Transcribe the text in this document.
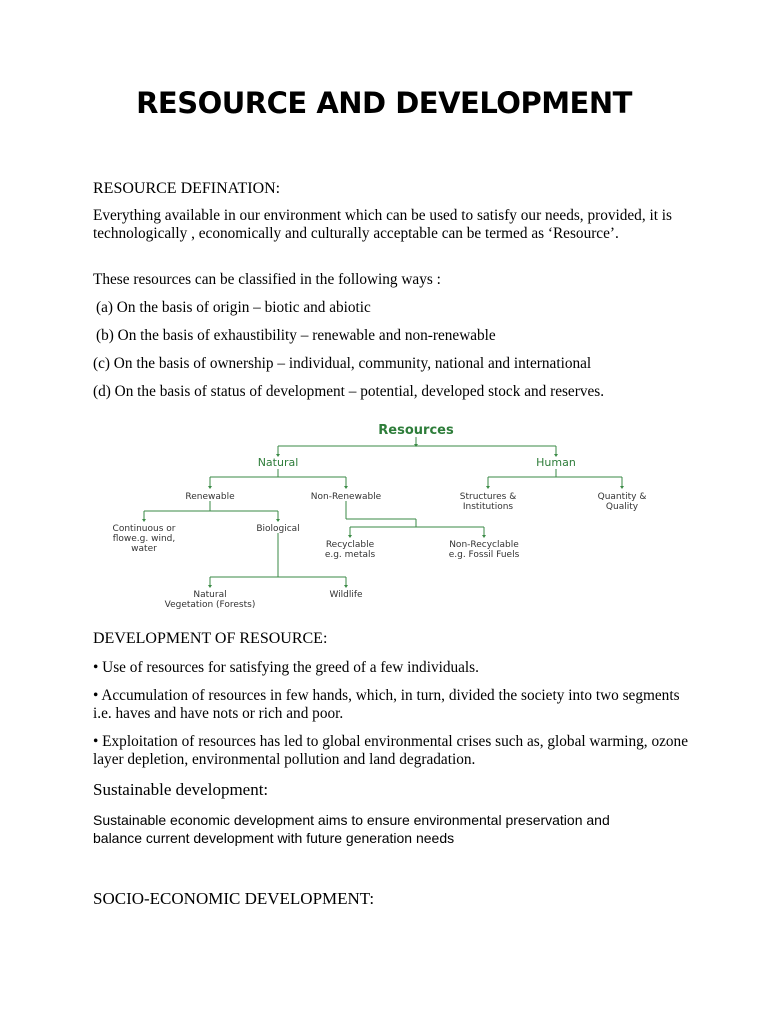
RESOURCE AND DEVELOPMENT
RESOURCE DEFINATION:

Everything available in our environment which can be used to satisfy our needs, provided, it is technologically , economically and culturally acceptable can be termed as ‘Resource’.

These resources can be classified in the following ways :

(a) On the basis of origin – biotic and abiotic

(b) On the basis of exhaustibility – renewable and non-renewable

(c) On the basis of ownership – individual, community, national and international

(d) On the basis of status of development – potential, developed stock and reserves.

Resources
Natural	Human
Renewable	Non-Renewable	Structures &
Institutions
Quantity &
Quality
Continuous or
flowe.g. wind,
water
Biological
Recyclable
e.g. metals
Non-Recyclable
e.g. Fossil Fuels
Natural
Vegetation (Forests)
Wildlife
DEVELOPMENT OF RESOURCE:

• Use of resources for satisfying the greed of a few individuals.

• Accumulation of resources in few hands, which, in turn, divided the society into two segments i.e. haves and have nots or rich and poor.

• Exploitation of resources has led to global environmental crises such as, global warming, ozone layer depletion, environmental pollution and land degradation.

Sustainable development:

Sustainable economic development aims to ensure environmental preservation and balance current development with future generation needs

SOCIO-ECONOMIC DEVELOPMENT:
